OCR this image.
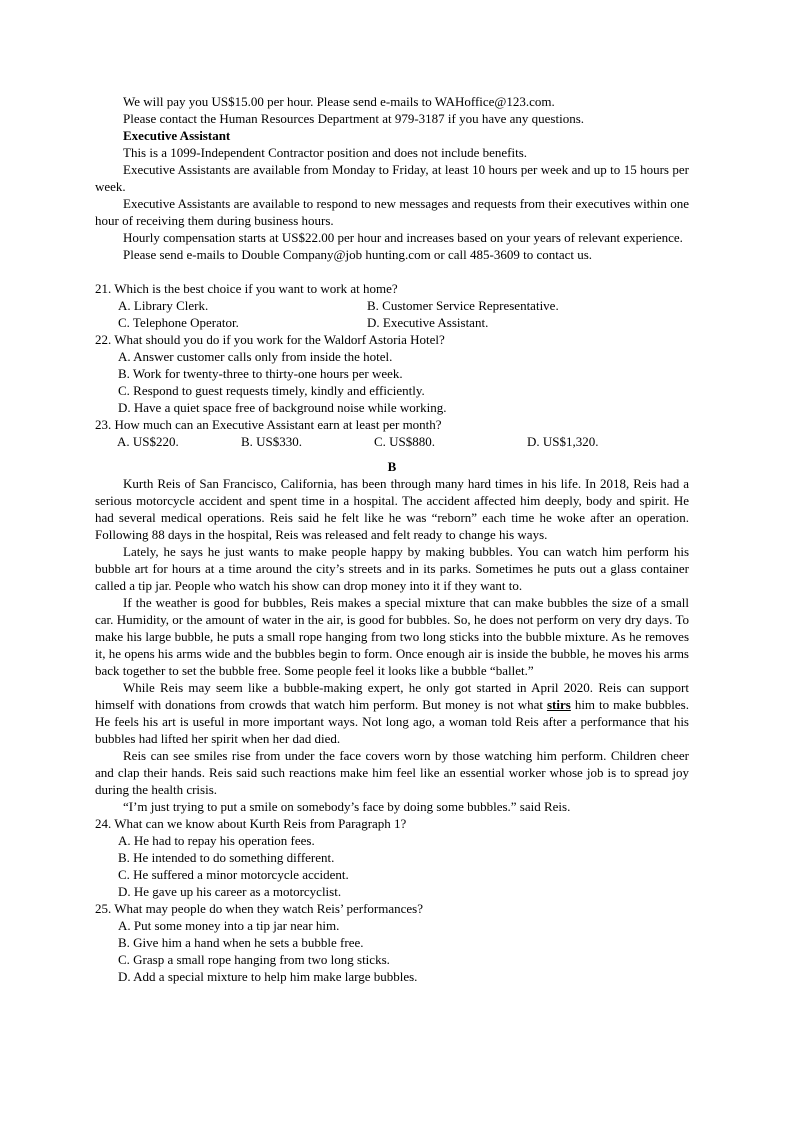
We will pay you US$15.00 per hour. Please send e-mails to WAHoffice@123.com.

Please contact the Human Resources Department at 979-3187 if you have any questions.

Executive Assistant

This is a 1099-Independent Contractor position and does not include benefits.

Executive Assistants are available from Monday to Friday, at least 10 hours per week and up to 15 hours per week.

Executive Assistants are available to respond to new messages and requests from their executives within one hour of receiving them during business hours.

Hourly compensation starts at US$22.00 per hour and increases based on your years of relevant experience.

Please send e-mails to Double Company@job hunting.com or call 485-3609 to contact us.

21. Which is the best choice if you want to work at home?

A. Library Clerk.	B. Customer Service Representative.
C. Telephone Operator.	D. Executive Assistant.

22. What should you do if you work for the Waldorf Astoria Hotel?

A. Answer customer calls only from inside the hotel.

B. Work for twenty-three to thirty-one hours per week.

C. Respond to guest requests timely, kindly and efficiently.

D. Have a quiet space free of background noise while working.

23. How much can an Executive Assistant earn at least per month?

A. US$220.	B. US$330.	C. US$880.	D. US$1,320.

B

Kurth Reis of San Francisco, California, has been through many hard times in his life. In 2018, Reis had a serious motorcycle accident and spent time in a hospital. The accident affected him deeply, body and spirit. He had several medical operations. Reis said he felt like he was “reborn” each time he woke after an operation. Following 88 days in the hospital, Reis was released and felt ready to change his ways.

Lately, he says he just wants to make people happy by making bubbles. You can watch him perform his bubble art for hours at a time around the city’s streets and in its parks. Sometimes he puts out a glass container called a tip jar. People who watch his show can drop money into it if they want to.

If the weather is good for bubbles, Reis makes a special mixture that can make bubbles the size of a small car. Humidity, or the amount of water in the air, is good for bubbles. So, he does not perform on very dry days. To make his large bubble, he puts a small rope hanging from two long sticks into the bubble mixture. As he removes it, he opens his arms wide and the bubbles begin to form. Once enough air is inside the bubble, he moves his arms back together to set the bubble free. Some people feel it looks like a bubble “ballet.”

While Reis may seem like a bubble-making expert, he only got started in April 2020. Reis can support himself with donations from crowds that watch him perform. But money is not what stirs him to make bubbles. He feels his art is useful in more important ways. Not long ago, a woman told Reis after a performance that his bubbles had lifted her spirit when her dad died.

Reis can see smiles rise from under the face covers worn by those watching him perform. Children cheer and clap their hands. Reis said such reactions make him feel like an essential worker whose job is to spread joy during the health crisis.

“I’m just trying to put a smile on somebody’s face by doing some bubbles.” said Reis.

24. What can we know about Kurth Reis from Paragraph 1?

A. He had to repay his operation fees.

B. He intended to do something different.

C. He suffered a minor motorcycle accident.

D. He gave up his career as a motorcyclist.

25. What may people do when they watch Reis’ performances?

A. Put some money into a tip jar near him.

B. Give him a hand when he sets a bubble free.

C. Grasp a small rope hanging from two long sticks.

D. Add a special mixture to help him make large bubbles.
